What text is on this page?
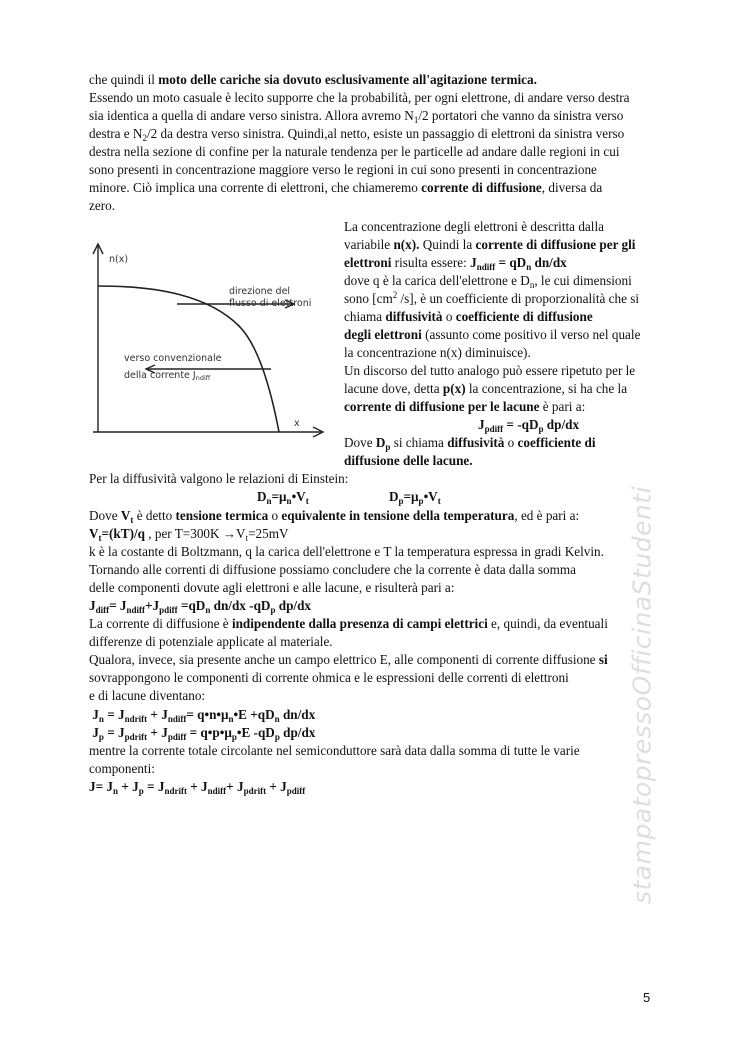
che quindi il moto delle cariche sia dovuto esclusivamente all'agitazione termica.
Essendo un moto casuale è lecito supporre che la probabilità, per ogni elettrone, di andare verso destra
sia identica a quella di andare verso sinistra. Allora avremo $N_1/2$ portatori che vanno da sinistra verso
destra e $N_2/2$ da destra verso sinistra. Quindi,al netto, esiste un passaggio di elettroni da sinistra verso
destra nella sezione di confine per la naturale tendenza per le particelle ad andare dalle regioni in cui
sono presenti in concentrazione maggiore verso le regioni in cui sono presenti in concentrazione
minore. Ciò implica una corrente di elettroni, che chiameremo corrente di diffusione, diversa da
zero.
n(x)
x
direzione del
flusso di elettroni
verso convenzionale
della corrente $J_{ndiff}$
La concentrazione degli elettroni è descritta dalla
variabile n(x). Quindi la corrente di diffusione per gli
elettroni risulta essere: $J_{ndiff} = qD_n$ dn/dx
dove q è la carica dell'elettrone e $D_n$, le cui dimensioni
sono [$cm^2$ /s], è un coefficiente di proporzionalità che si
chiama diffusività o coefficiente di diffusione
degli elettroni (assunto come positivo il verso nel quale
la concentrazione n(x) diminuisce).
Un discorso del tutto analogo può essere ripetuto per le
lacune dove, detta p(x) la concentrazione, si ha che la
corrente di diffusione per le lacune è pari a:
$J_{pdiff} = -qD_p$ dp/dx
Dove $D_p$ si chiama diffusività o coefficiente di
diffusione delle lacune.
Per la diffusività valgono le relazioni di Einstein:
$D_n=\mu_n•V_t$	$D_p=\mu_p•V_t$
Dove $V_t$ è detto tensione termica o equivalente in tensione della temperatura, ed è pari a:
$V_t=(kT)/q$ , per $T=300K \to V_t=25mV$
k è la costante di Boltzmann, q la carica dell'elettrone e T la temperatura espressa in gradi Kelvin.
Tornando alle correnti di diffusione possiamo concludere che la corrente è data dalla somma
delle componenti dovute agli elettroni e alle lacune, e risulterà pari a:
$J_{diff}= J_{ndiff}+J_{pdiff} =qD_n$ dn/dx $-qD_p$ dp/dx
La corrente di diffusione è indipendente dalla presenza di campi elettrici e, quindi, da eventuali
differenze di potenziale applicate al materiale.
Qualora, invece, sia presente anche un campo elettrico E, alle componenti di corrente diffusione si
sovrappongono le componenti di corrente ohmica e le espressioni delle correnti di elettroni
e di lacune diventano:
$J_n = J_{ndrift} + J_{ndiff}=$ $q•n•\mu_n•E +qD_n$ dn/dx
$J_p = J_{pdrift} + J_{pdiff}$ = $q•p•\mu_p•E$ $-qD_p$ dp/dx
mentre la corrente totale circolante nel semiconduttore sarà data dalla somma di tutte le varie
componenti:
$J= J_n + J_p = J_{ndrift} + J_{ndiff}+ J_{pdrift} + J_{pdiff}$	stampatopressoOfficinaStudenti
5
